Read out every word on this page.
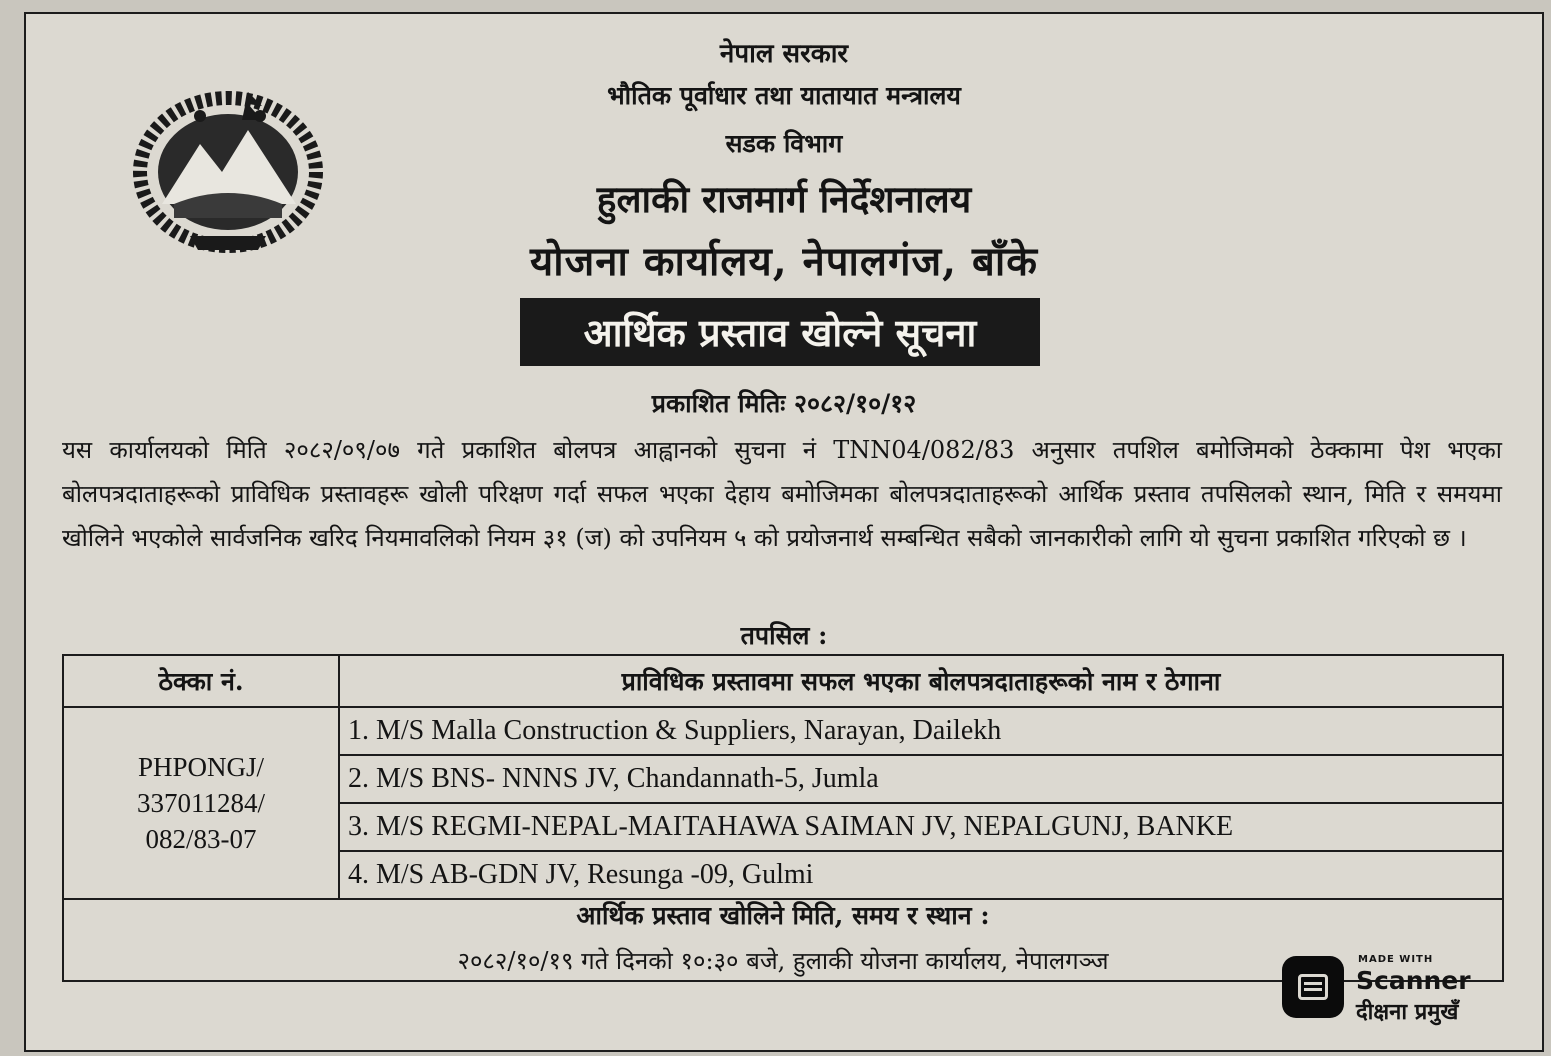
नेपाल सरकार
भौतिक पूर्वाधार तथा यातायात मन्त्रालय
सडक विभाग
हुलाकी राजमार्ग निर्देशनालय
योजना कार्यालय, नेपालगंज, बाँके
आर्थिक प्रस्ताव खोल्ने सूचना
प्रकाशित मितिः २०८२/१०/१२
यस कार्यालयको मिति २०८२/०९/०७ गते प्रकाशित बोलपत्र आह्वानको सुचना नं TNN04/082/83 अनुसार तपशिल बमोजिमको ठेक्कामा पेश भएका बोलपत्रदाताहरूको प्राविधिक प्रस्तावहरू खोली परिक्षण गर्दा सफल भएका देहाय बमोजिमका बोलपत्रदाताहरूको आर्थिक प्रस्ताव तपसिलको स्थान, मिति र समयमा खोलिने भएकोले सार्वजनिक खरिद नियमावलिको नियम ३१ (ज) को उपनियम ५ को प्रयोजनार्थ सम्बन्धित सबैको जानकारीको लागि यो सुचना प्रकाशित गरिएको छ ।
तपसिल :
ठेक्का नं.	प्राविधिक प्रस्तावमा सफल भएका बोलपत्रदाताहरूको नाम र ठेगाना

PHPONGJ/
337011284/
082/83-07	1. M/S Malla Construction & Suppliers, Narayan, Dailekh
	2. M/S BNS- NNNS JV, Chandannath-5, Jumla
	3. M/S REGMI-NEPAL-MAITAHAWA SAIMAN JV, NEPALGUNJ, BANKE
	4. M/S AB-GDN JV, Resunga -09, Gulmi
आर्थिक प्रस्ताव खोलिने मिति, समय र स्थान :
२०८२/१०/१९ गते दिनको १०:३० बजे, हुलाकी योजना कार्यालय, नेपालगञ्ज	MADE WITH
Scanner
दीक्षना प्रमुखँ
